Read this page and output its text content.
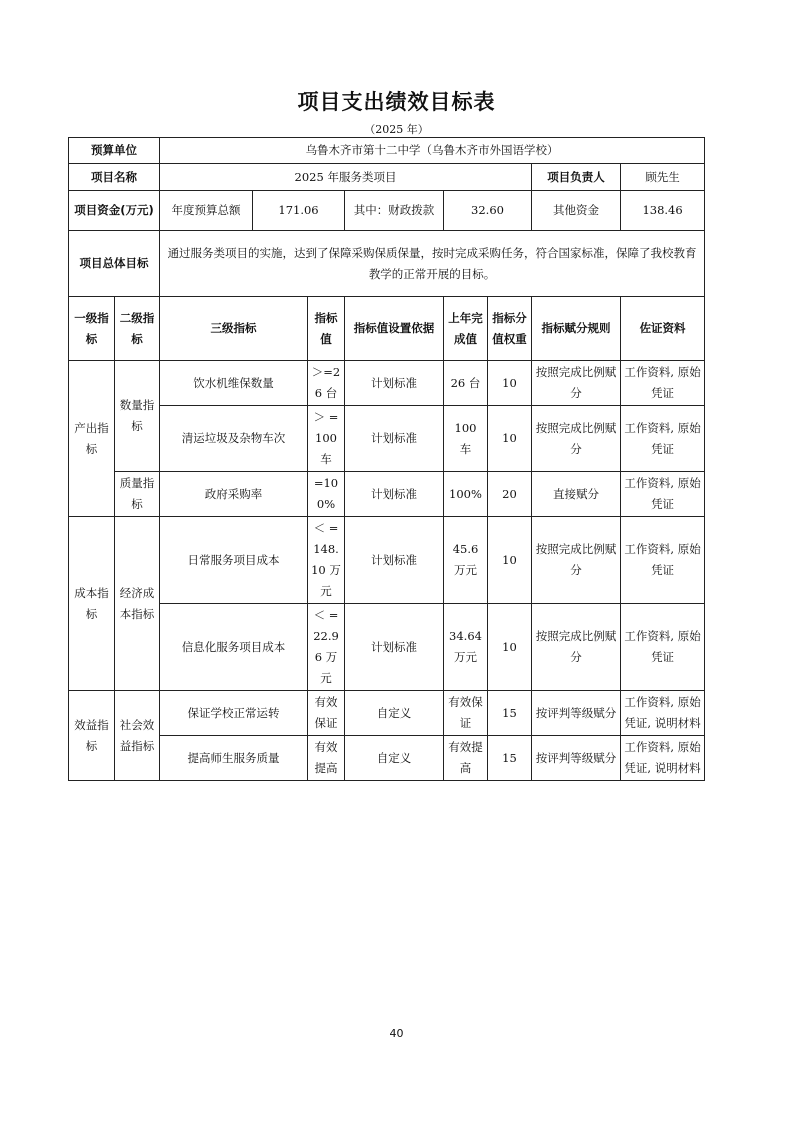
项目支出绩效目标表
（2025 年）
预算单位		乌鲁木齐市第十二中学（乌鲁木齐市外国语学校）							
项目名称		2025 年服务类项目						项目负责人	顾先生
项目资金(万元)		年度预算总额	171.06		其中：财政拨款	32.60		其他资金	138.46
项目总体目标		通过服务类项目的实施，达到了保障采购保质保量，按时完成采购任务，符合国家标准，保障了我校教育教学的正常开展的目标。							
一级指标	二级指标	三级指标		指标值	指标值设置依据	上年完成值	指标分值权重	指标赋分规则	佐证资料
产出指标	数量指标	饮水机维保数量		＞=26 台	计划标准	26 台	10	按照完成比例赋分	工作资料, 原始凭证
		清运垃圾及杂物车次		＞ =100 车	计划标准	100 车	10	按照完成比例赋分	工作资料, 原始凭证
	质量指标	政府采购率		=100%	计划标准	100%	20	直接赋分	工作资料, 原始凭证
成本指标	经济成本指标	日常服务项目成本		＜ =148. 10 万元	计划标准	45.6 万元	10	按照完成比例赋分	工作资料, 原始凭证
		信息化服务项目成本		＜ =22.9 6 万元	计划标准	34.64 万元	10	按照完成比例赋分	工作资料, 原始凭证
效益指标	社会效益指标	保证学校正常运转		有效保证	自定义	有效保证	15	按评判等级赋分	工作资料, 原始凭证, 说明材料
		提高师生服务质量		有效提高	自定义	有效提高	15	按评判等级赋分	工作资料, 原始凭证, 说明材料
40
